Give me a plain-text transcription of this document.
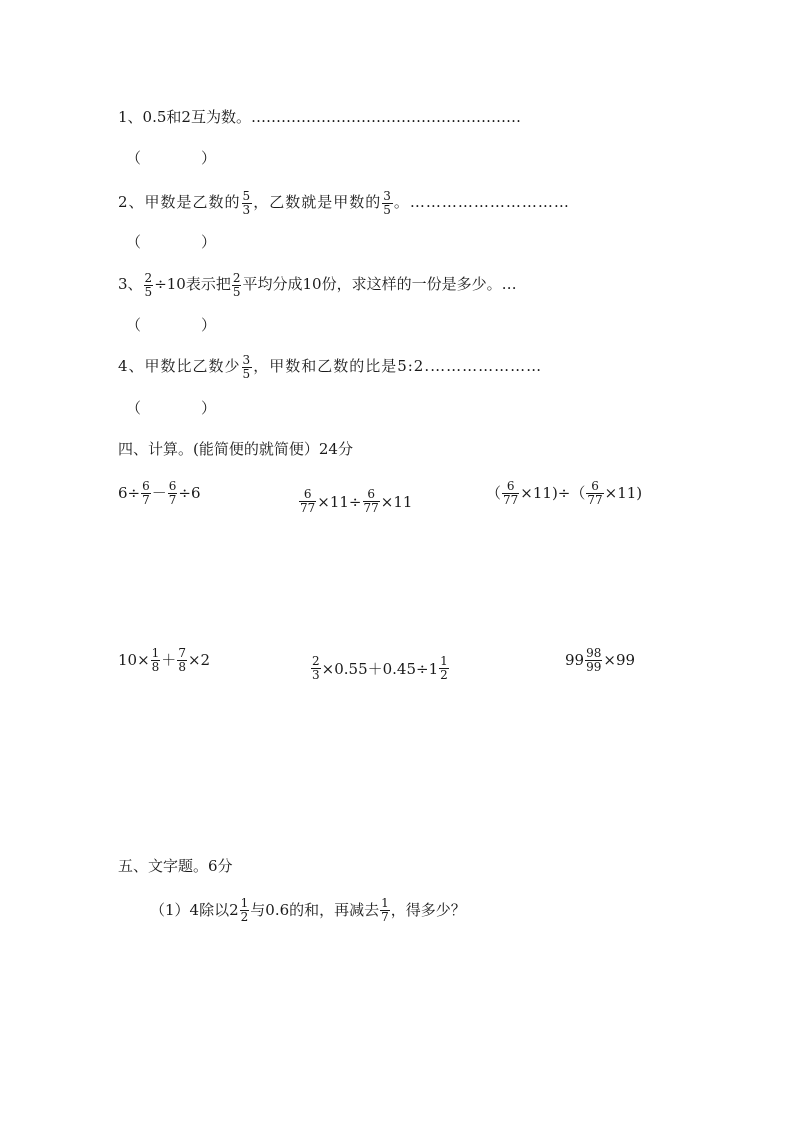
1、0.5和2互为数。………………………………………………
（　　　　）
2、甲数是乙数的 $\frac{5}{3}$ ，乙数就是甲数的 $\frac{3}{5}$ 。…………………………
（　　　　）
3、 $\frac{2}{5} \div 10$表示把 $\frac{2}{5}$ 平均分成10份，求这样的一份是多少。…
（　　　　）
4、甲数比乙数少 $\frac{3}{5}$ ，甲数和乙数的比是5:2.…………………
（　　　　）
四、计算。(能简便的就简便）24分
$6\div \frac{6}{7} - \frac{6}{7} \div 6$	$\frac{6}{77} \times 11\div \frac{6}{77} \times 11$	（ $\frac{6}{77} \times 11)\div( \frac{6}{77} \times 11)$
$10\times \frac{1}{8} + \frac{7}{8} \times 2$	$\frac{2}{3} \times 0.55+0.45\div 1 \frac{1}{2}$	$99 \frac{98}{99} \times 99$
五、文字题。6分
（1）4除以$2 \frac{1}{2}$ 与0.6的和，再减去 $\frac{1}{7}$ ，得多少？
